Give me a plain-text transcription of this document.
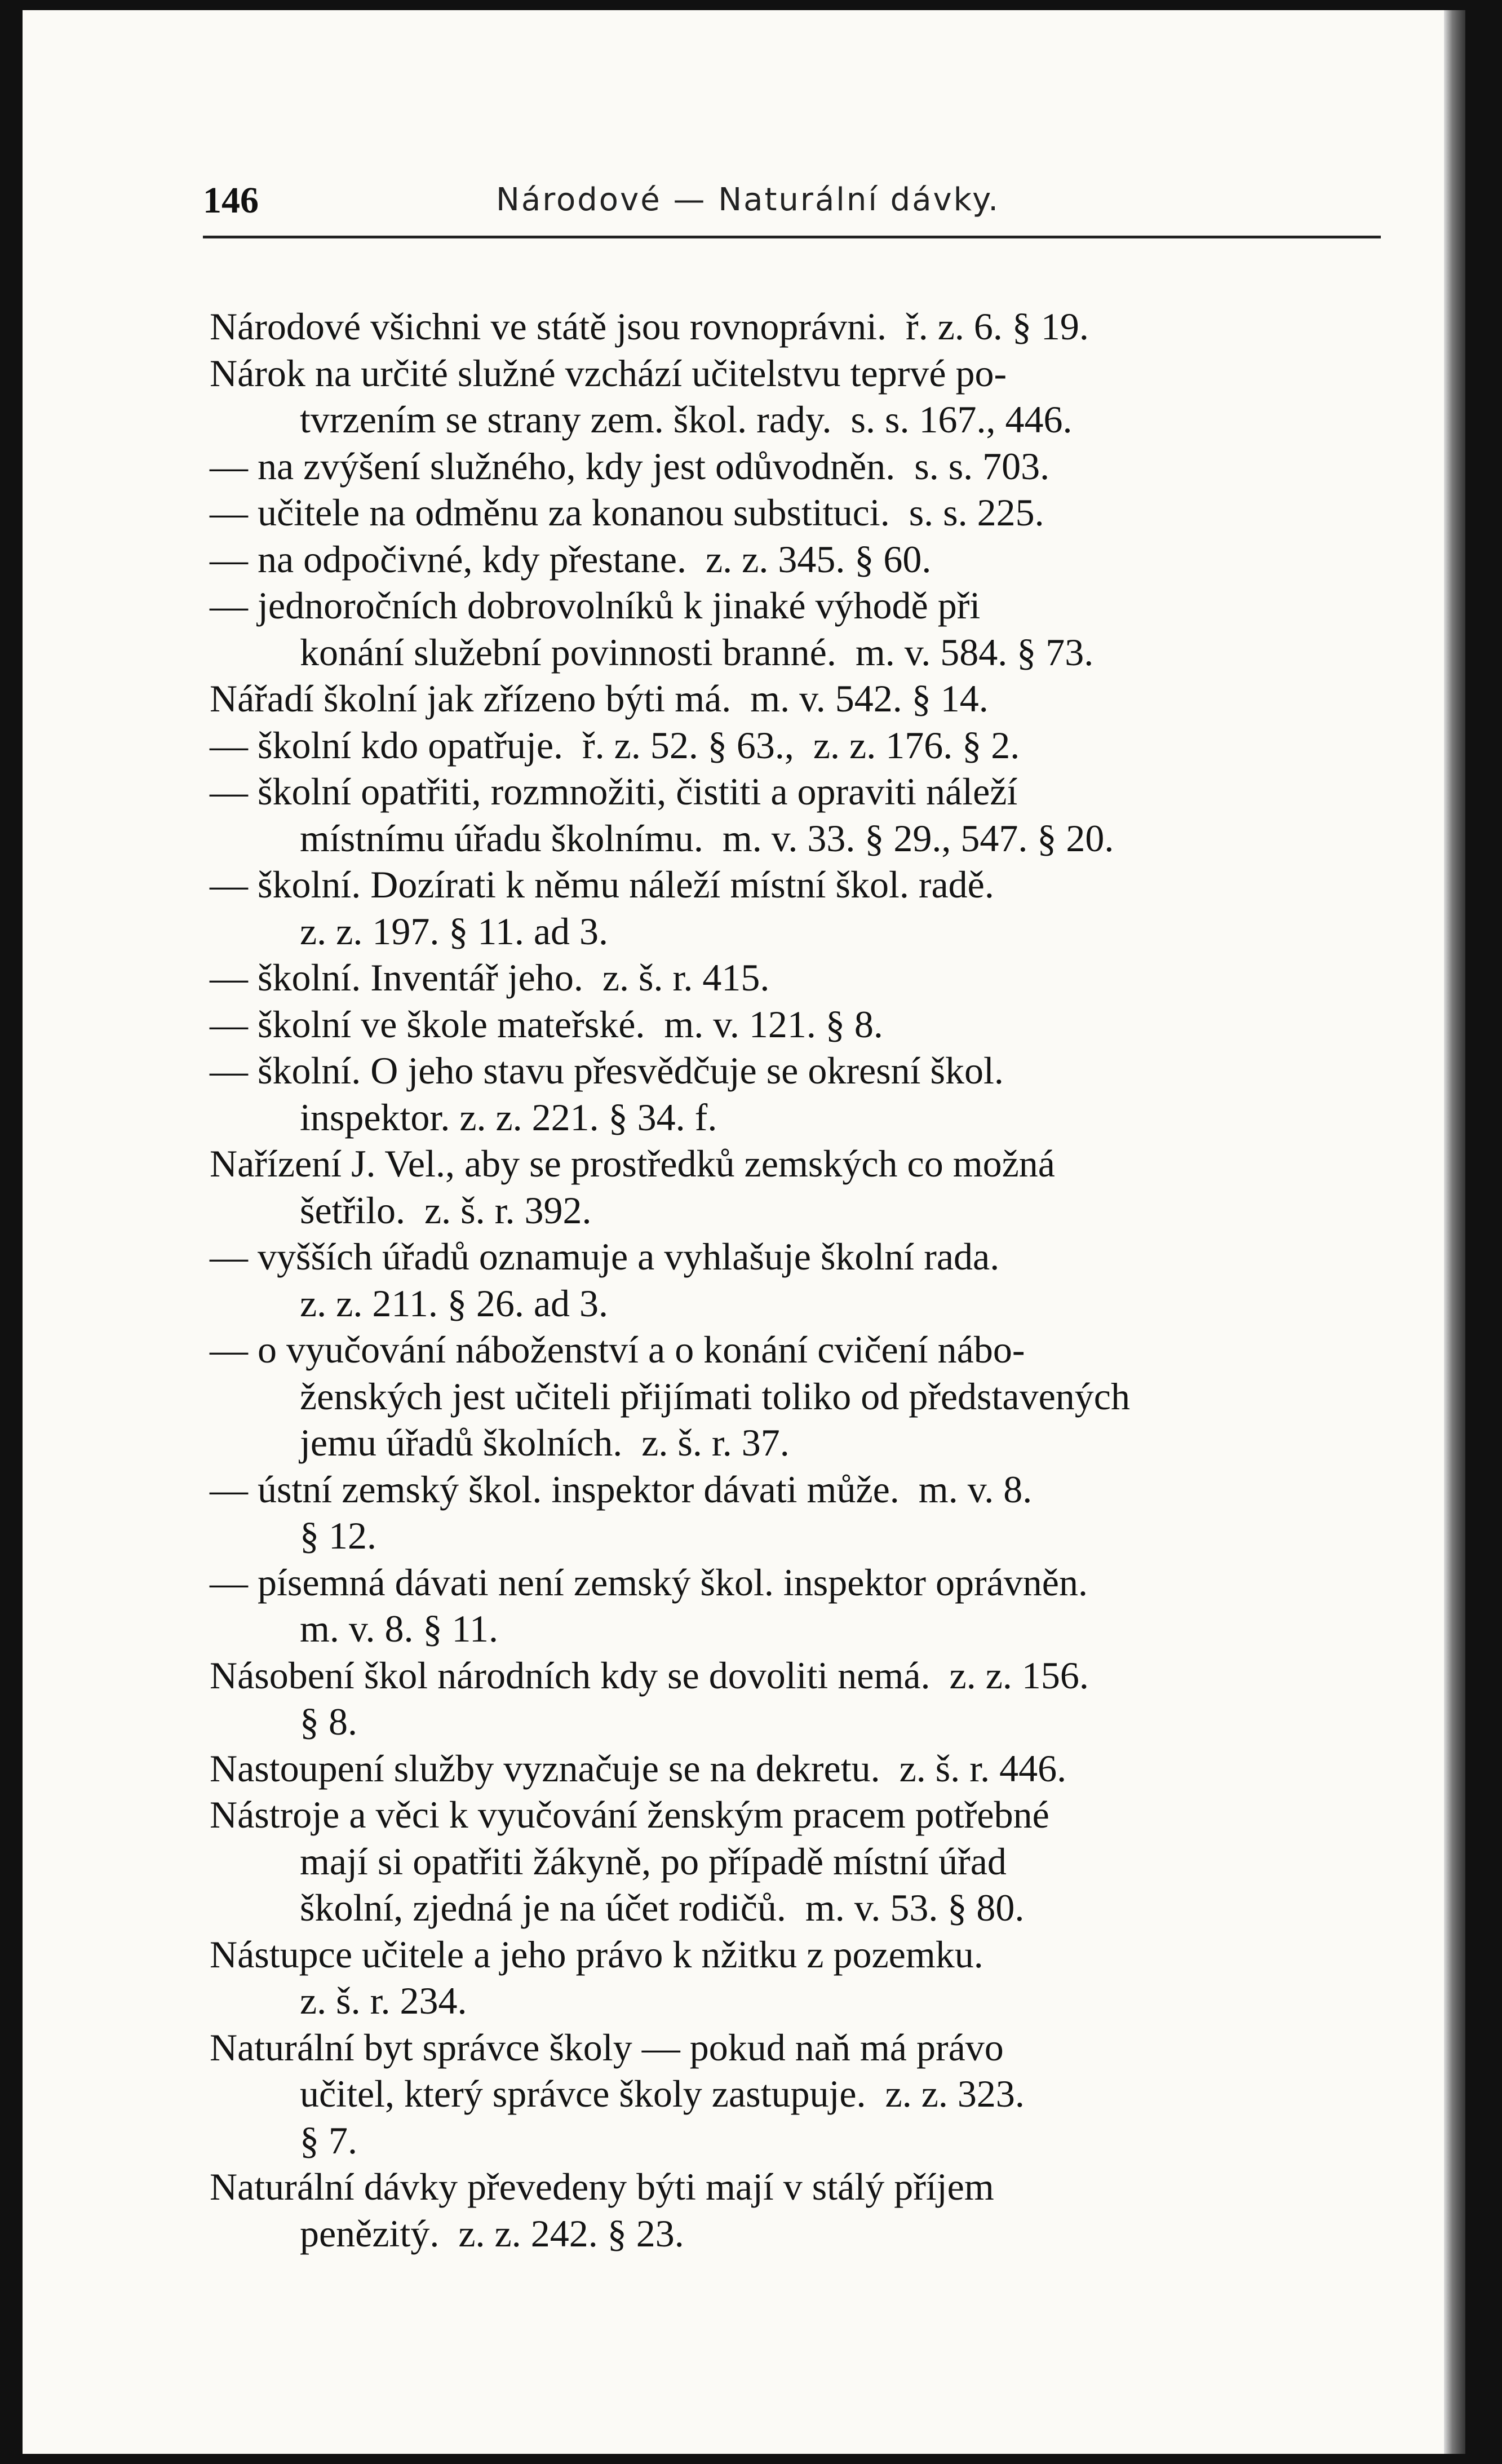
146	Národové — Naturální dávky.
Národové všichni ve státě jsou rovnoprávni.  ř. z. 6. § 19.
Nárok na určité služné vzchází učitelstvu teprvé po-
tvrzením se strany zem. škol. rady.  s. s. 167., 446.
— na zvýšení služného, kdy jest odůvodněn.  s. s. 703.
— učitele na odměnu za konanou substituci.  s. s. 225.
— na odpočivné, kdy přestane.  z. z. 345. § 60.
— jednoročních dobrovolníků k jinaké výhodě při
konání služební povinnosti branné.  m. v. 584. § 73.
Nářadí školní jak zřízeno býti má.  m. v. 542. § 14.
— školní kdo opatřuje.  ř. z. 52. § 63.,  z. z. 176. § 2.
— školní opatřiti, rozmnožiti, čistiti a opraviti náleží
místnímu úřadu školnímu.  m. v. 33. § 29., 547. § 20.
— školní. Dozírati k němu náleží místní škol. radě.
z. z. 197. § 11. ad 3.
— školní. Inventář jeho.  z. š. r. 415.
— školní ve škole mateřské.  m. v. 121. § 8.
— školní. O jeho stavu přesvědčuje se okresní škol.
inspektor. z. z. 221. § 34. f.
Nařízení J. Vel., aby se prostředků zemských co možná
šetřilo.  z. š. r. 392.
— vyšších úřadů oznamuje a vyhlašuje školní rada.
z. z. 211. § 26. ad 3.
— o vyučování náboženství a o konání cvičení nábo-
ženských jest učiteli přijímati toliko od představených
jemu úřadů školních.  z. š. r. 37.
— ústní zemský škol. inspektor dávati může.  m. v. 8.
§ 12.
— písemná dávati není zemský škol. inspektor oprávněn.
m. v. 8. § 11.
Násobení škol národních kdy se dovoliti nemá.  z. z. 156.
§ 8.
Nastoupení služby vyznačuje se na dekretu.  z. š. r. 446.
Nástroje a věci k vyučování ženským pracem potřebné
mají si opatřiti žákyně, po případě místní úřad
školní, zjedná je na účet rodičů.  m. v. 53. § 80.
Nástupce učitele a jeho právo k nžitku z pozemku.
z. š. r. 234.
Naturální byt správce školy — pokud naň má právo
učitel, který správce školy zastupuje.  z. z. 323.
§ 7.
Naturální dávky převedeny býti mají v stálý příjem
penězitý.  z. z. 242. § 23.
